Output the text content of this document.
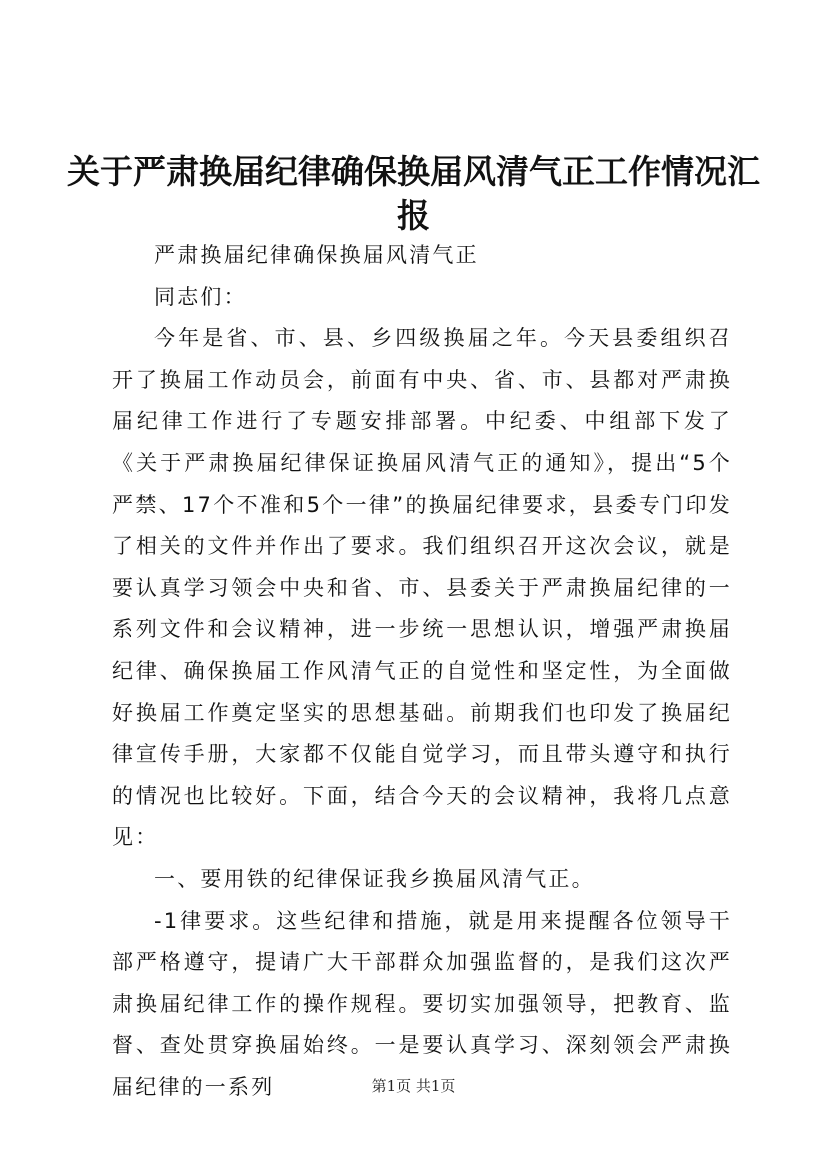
关于严肃换届纪律确保换届风清气正工作情况汇报

严肃换届纪律确保换届风清气正

同志们：

今年是省、市、县、乡四级换届之年。今天县委组织召开了换届工作动员会，前面有中央、省、市、县都对严肃换届纪律工作进行了专题安排部署。中纪委、中组部下发了《关于严肃换届纪律保证换届风清气正的通知》，提出“5个严禁、17个不准和5个一律”的换届纪律要求，县委专门印发了相关的文件并作出了要求。我们组织召开这次会议，就是要认真学习领会中央和省、市、县委关于严肃换届纪律的一系列文件和会议精神，进一步统一思想认识，增强严肃换届纪律、确保换届工作风清气正的自觉性和坚定性，为全面做好换届工作奠定坚实的思想基础。前期我们也印发了换届纪律宣传手册，大家都不仅能自觉学习，而且带头遵守和执行的情况也比较好。下面，结合今天的会议精神，我将几点意见：

一、要用铁的纪律保证我乡换届风清气正。

-1律要求。这些纪律和措施，就是用来提醒各位领导干部严格遵守，提请广大干部群众加强监督的，是我们这次严肃换届纪律工作的操作规程。要切实加强领导，把教育、监督、查处贯穿换届始终。一是要认真学习、深刻领会严肃换届纪律的一系列	第1页 共1页
